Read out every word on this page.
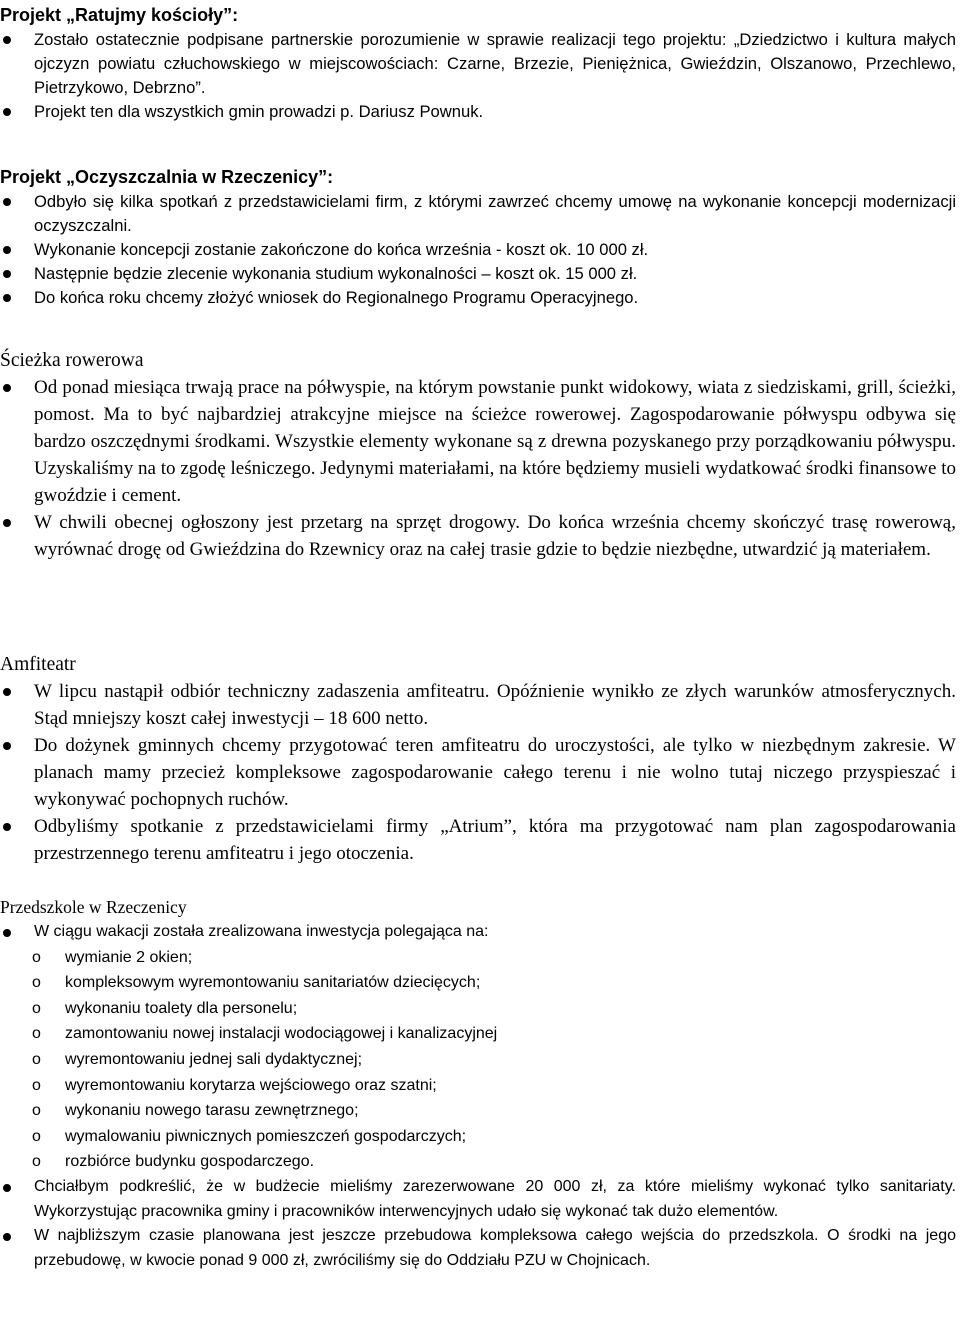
Projekt „Ratujmy kościoły”:
Zostało ostatecznie podpisane partnerskie porozumienie w sprawie realizacji tego projektu: „Dziedzictwo i kultura małych ojczyzn powiatu człuchowskiego w miejscowościach: Czarne, Brzezie, Pieniężnica, Gwieździn, Olszanowo, Przechlewo, Pietrzykowo, Debrzno”.
Projekt ten dla wszystkich gmin prowadzi p. Dariusz Pownuk.
Projekt „Oczyszczalnia w Rzeczenicy”:
Odbyło się kilka spotkań z przedstawicielami firm, z którymi zawrzeć chcemy umowę na wykonanie koncepcji modernizacji oczyszczalni.
Wykonanie koncepcji zostanie zakończone do końca września - koszt ok. 10 000 zł.
Następnie będzie zlecenie wykonania studium wykonalności – koszt ok. 15 000 zł.
Do końca roku chcemy złożyć wniosek do Regionalnego Programu Operacyjnego.
Ścieżka rowerowa
Od ponad miesiąca trwają prace na półwyspie, na którym powstanie punkt widokowy, wiata z siedziskami, grill, ścieżki, pomost. Ma to być najbardziej atrakcyjne miejsce na ścieżce rowerowej. Zagospodarowanie półwyspu odbywa się bardzo oszczędnymi środkami. Wszystkie elementy wykonane są z drewna pozyskanego przy porządkowaniu półwyspu. Uzyskaliśmy na to zgodę leśniczego. Jedynymi materiałami, na które będziemy musieli wydatkować środki finansowe to gwoździe i cement.
W chwili obecnej ogłoszony jest przetarg na sprzęt drogowy. Do końca września chcemy skończyć trasę rowerową, wyrównać drogę od Gwieździna do Rzewnicy oraz na całej trasie gdzie to będzie niezbędne, utwardzić ją materiałem.
Amfiteatr
W lipcu nastąpił odbiór techniczny zadaszenia amfiteatru. Opóźnienie wynikło ze złych warunków atmosferycznych. Stąd mniejszy koszt całej inwestycji – 18 600 netto.
Do dożynek gminnych chcemy przygotować teren amfiteatru do uroczystości, ale tylko w niezbędnym zakresie. W planach mamy przecież kompleksowe zagospodarowanie całego terenu i nie wolno tutaj niczego przyspieszać i wykonywać pochopnych ruchów.
Odbyliśmy spotkanie z przedstawicielami firmy „Atrium”, która ma przygotować nam plan zagospodarowania przestrzennego terenu amfiteatru i jego otoczenia.
Przedszkole w Rzeczenicy
W ciągu wakacji została zrealizowana inwestycja polegająca na:
o wymianie 2 okien;
o kompleksowym wyremontowaniu sanitariatów dziecięcych;
o wykonaniu toalety dla personelu;
o zamontowaniu nowej instalacji wodociągowej i kanalizacyjnej
o wyremontowaniu jednej sali dydaktycznej;
o wyremontowaniu korytarza wejściowego oraz szatni;
o wykonaniu nowego tarasu zewnętrznego;
o wymalowaniu piwnicznych pomieszczeń gospodarczych;
o rozbiórce budynku gospodarczego.
Chciałbym podkreślić, że w budżecie mieliśmy zarezerwowane 20 000 zł, za które mieliśmy wykonać tylko sanitariaty. Wykorzystując pracownika gminy i pracowników interwencyjnych udało się wykonać tak dużo elementów.
W najbliższym czasie planowana jest jeszcze przebudowa kompleksowa całego wejścia do przedszkola. O środki na jego przebudowę, w kwocie ponad 9 000 zł, zwróciliśmy się do Oddziału PZU w Chojnicach.
